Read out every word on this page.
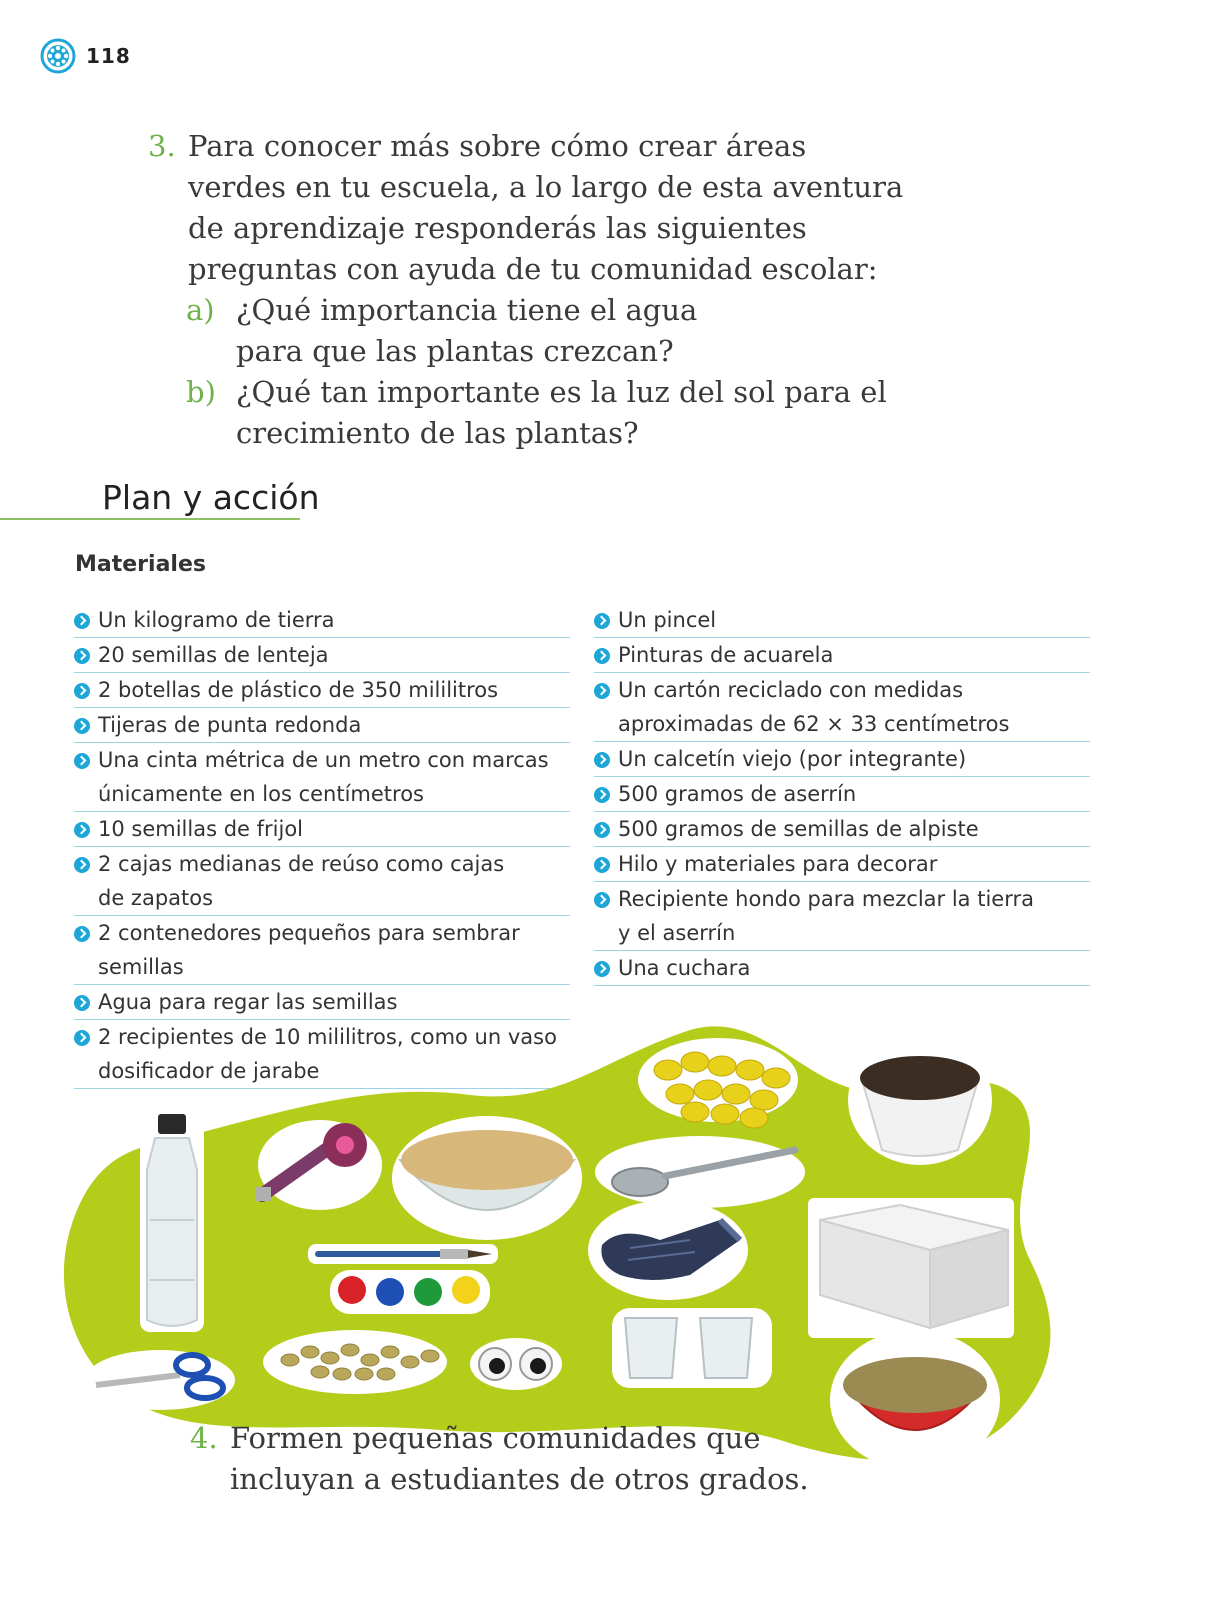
118
3. Para conocer más sobre cómo crear áreas
verdes en tu escuela, a lo largo de esta aventura
de aprendizaje responderás las siguientes
preguntas con ayuda de tu comunidad escolar:
a) ¿Qué importancia tiene el agua
para que las plantas crezcan?
b) ¿Qué tan importante es la luz del sol para el
crecimiento de las plantas?
Plan y acción
Materiales
Un kilogramo de tierra
20 semillas de lenteja
2 botellas de plástico de 350 mililitros
Tijeras de punta redonda
Una cinta métrica de un metro con marcas
únicamente en los centímetros
10 semillas de frijol
2 cajas medianas de reúso como cajas
de zapatos
2 contenedores pequeños para sembrar
semillas
Agua para regar las semillas
2 recipientes de 10 mililitros, como un vaso
dosificador de jarabe
Un pincel
Pinturas de acuarela
Un cartón reciclado con medidas
aproximadas de 62 × 33 centímetros
Un calcetín viejo (por integrante)
500 gramos de aserrín
500 gramos de semillas de alpiste
Hilo y materiales para decorar
Recipiente hondo para mezclar la tierra
y el aserrín
Una cuchara
4. Formen pequeñas comunidades que
incluyan a estudiantes de otros grados.
